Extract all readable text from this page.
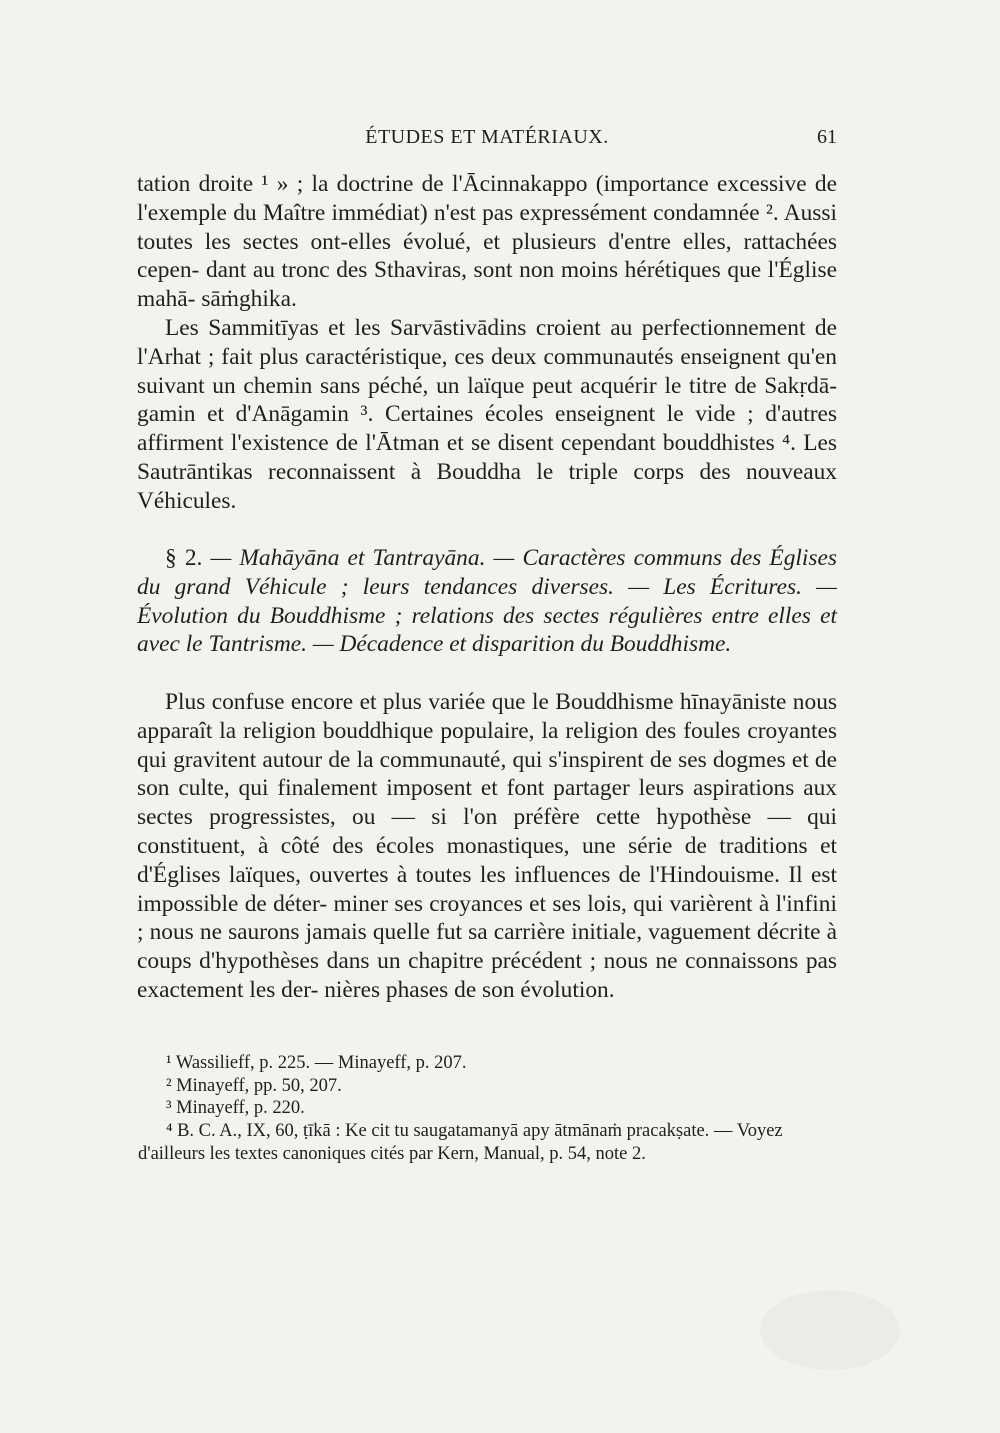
ÉTUDES ET MATÉRIAUX.	61

tation droite ¹ » ; la doctrine de l'Ācinnakappo (importance excessive de l'exemple du Maître immédiat) n'est pas expressément condamnée ². Aussi toutes les sectes ont-elles évolué, et plusieurs d'entre elles, rattachées cepen- dant au tronc des Sthaviras, sont non moins hérétiques que l'Église mahā- sāṁghika.

Les Sammitīyas et les Sarvāstivādins croient au perfectionnement de l'Arhat ; fait plus caractéristique, ces deux communautés enseignent qu'en suivant un chemin sans péché, un laïque peut acquérir le titre de Sakṛdā- gamin et d'Anāgamin ³. Certaines écoles enseignent le vide ; d'autres affirment l'existence de l'Ātman et se disent cependant bouddhistes ⁴. Les Sautrāntikas reconnaissent à Bouddha le triple corps des nouveaux Véhicules.

§ 2. — Mahāyāna et Tantrayāna. — Caractères communs des Églises du grand Véhicule ; leurs tendances diverses. — Les Écritures. — Évolution du Bouddhisme ; relations des sectes régulières entre elles et avec le Tantrisme. — Décadence et disparition du Bouddhisme.

Plus confuse encore et plus variée que le Bouddhisme hīnayāniste nous apparaît la religion bouddhique populaire, la religion des foules croyantes qui gravitent autour de la communauté, qui s'inspirent de ses dogmes et de son culte, qui finalement imposent et font partager leurs aspirations aux sectes progressistes, ou — si l'on préfère cette hypothèse — qui constituent, à côté des écoles monastiques, une série de traditions et d'Églises laïques, ouvertes à toutes les influences de l'Hindouisme. Il est impossible de déter- miner ses croyances et ses lois, qui varièrent à l'infini ; nous ne saurons jamais quelle fut sa carrière initiale, vaguement décrite à coups d'hypothèses dans un chapitre précédent ; nous ne connaissons pas exactement les der- nières phases de son évolution.

¹ Wassilieff, p. 225. — Minayeff, p. 207.

² Minayeff, pp. 50, 207.

³ Minayeff, p. 220.

⁴ B. C. A., IX, 60, ṭīkā : Ke cit tu saugatamanyā apy ātmānaṁ pracakṣate. — Voyez

d'ailleurs les textes canoniques cités par Kern, Manual, p. 54, note 2.
